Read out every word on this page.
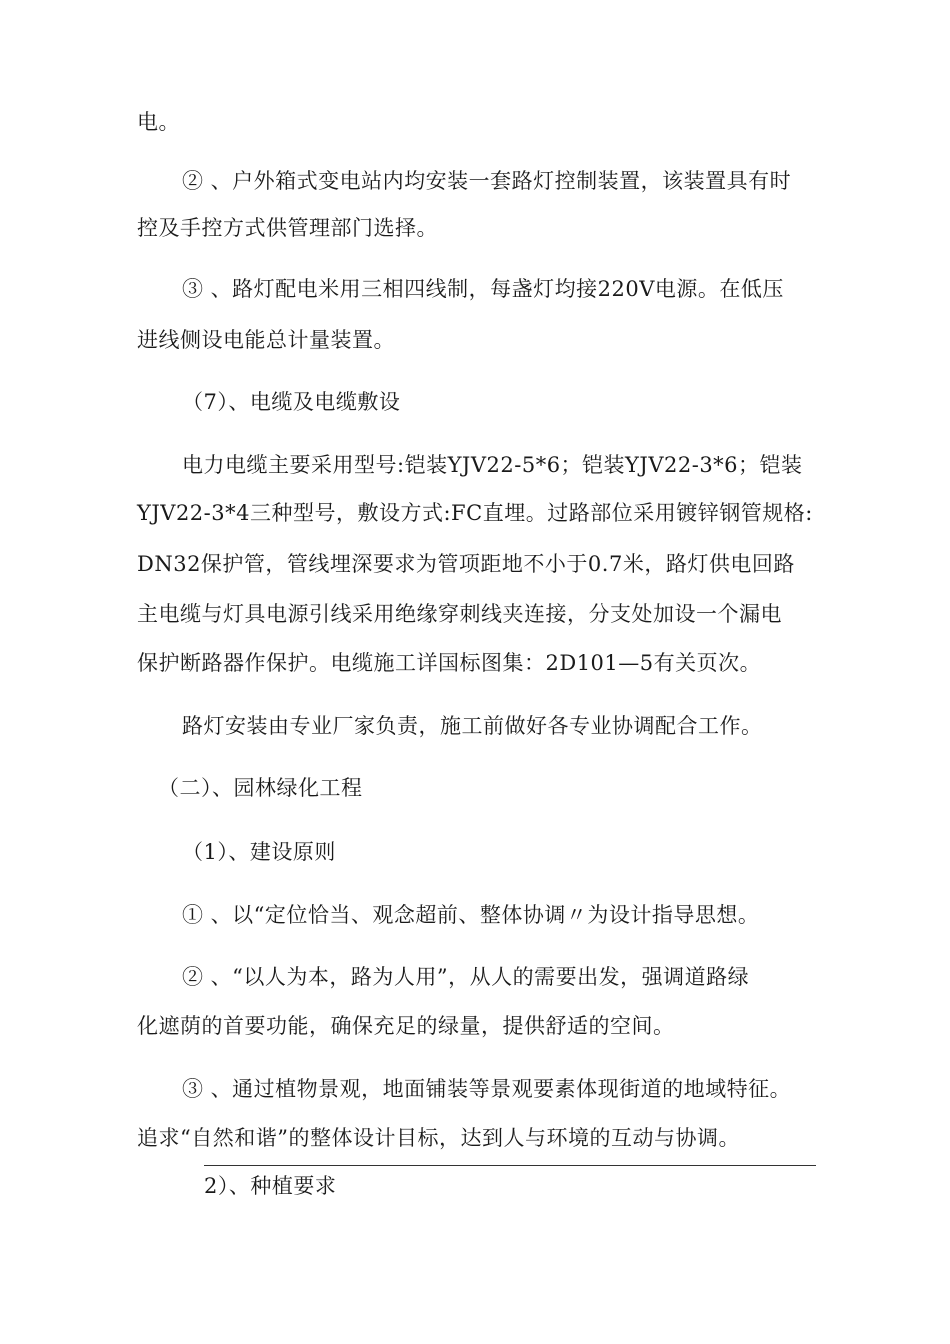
电。
② 、户外箱式变电站内均安装一套路灯控制装置，该装置具有时
控及手控方式供管理部门选择。
③ 、路灯配电米用三相四线制，每盏灯均接220V电源。在低压
进线侧设电能总计量装置。
（7）、电缆及电缆敷设
电力电缆主要采用型号:铠装YJV22-5*6；铠装YJV22-3*6；铠装
YJV22-3*4三种型号，敷设方式:FC直埋。过路部位采用镀锌钢管规格:
DN32保护管，管线埋深要求为管项距地不小于0.7米，路灯供电回路
主电缆与灯具电源引线采用绝缘穿刺线夹连接，分支处加设一个漏电
保护断路器作保护。电缆施工详国标图集：2D101—5有关页次。
路灯安装由专业厂家负责，施工前做好各专业协调配合工作。
（二）、园林绿化工程
（1）、建设原则
① 、以“定位恰当、观念超前、整体协调〃为设计指导思想。
② 、“以人为本，路为人用”，从人的需要出发，强调道路绿
化遮荫的首要功能，确保充足的绿量，提供舒适的空间。
③ 、通过植物景观，地面铺装等景观要素体现街道的地域特征。
追求“自然和谐”的整体设计目标，达到人与环境的互动与协调。
2）、种植要求
